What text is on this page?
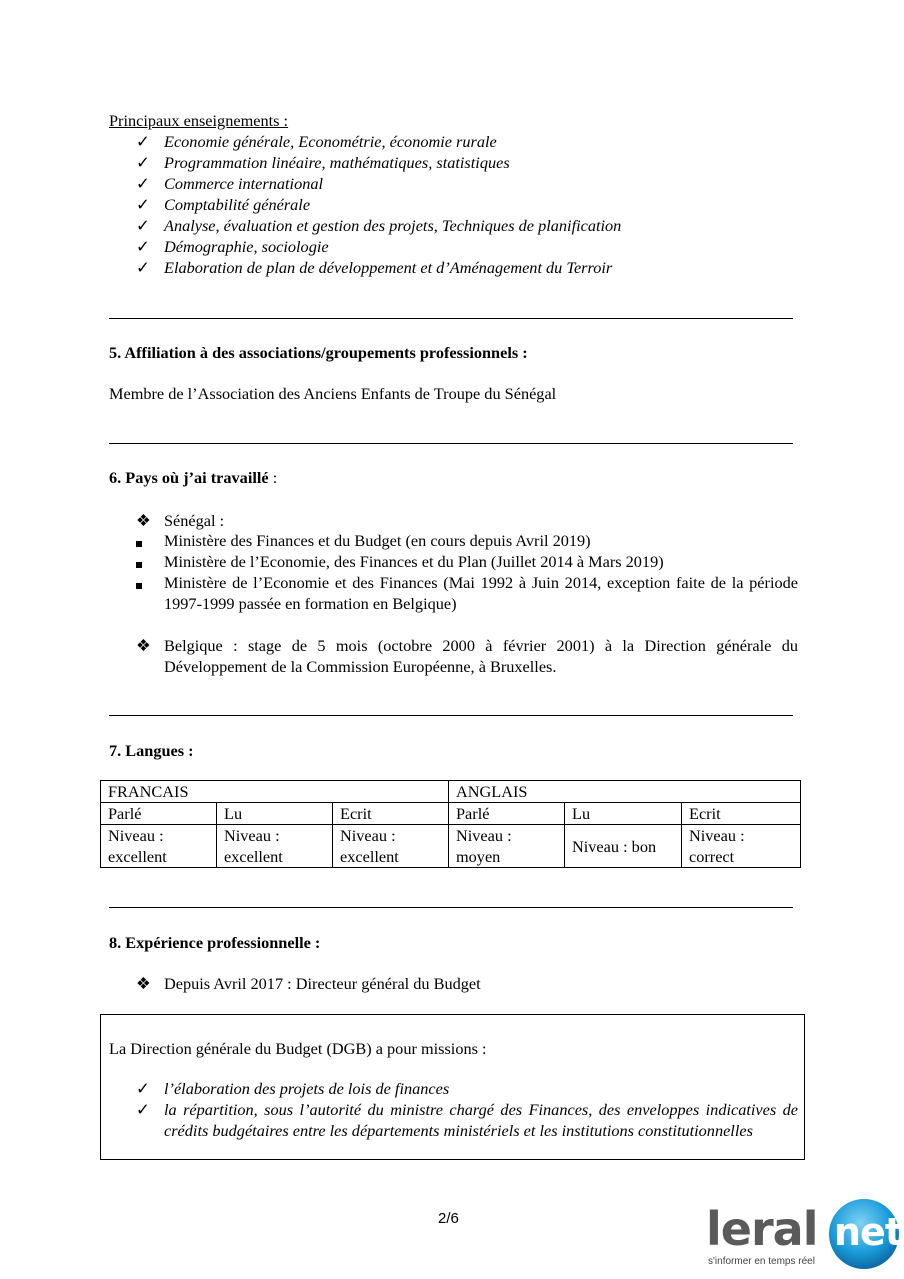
Principaux enseignements :
✓ Economie générale, Econométrie, économie rurale
✓ Programmation linéaire, mathématiques, statistiques
✓ Commerce international
✓ Comptabilité générale
✓ Analyse, évaluation et gestion des projets, Techniques de planification
✓ Démographie, sociologie
✓ Elaboration de plan de développement et d’Aménagement du Terroir
5. Affiliation à des associations/groupements professionnels :
Membre de l’Association des Anciens Enfants de Troupe du Sénégal
6. Pays où j’ai travaillé :
❖ Sénégal :
Ministère des Finances et du Budget (en cours depuis Avril 2019)
Ministère de l’Economie, des Finances et du Plan (Juillet 2014 à Mars 2019)
Ministère de l’Economie et des Finances (Mai 1992 à Juin 2014, exception faite de la période 1997-1999 passée en formation en Belgique)
❖ Belgique : stage de 5 mois (octobre 2000 à février 2001) à la Direction générale du Développement de la Commission Européenne, à Bruxelles.
7. Langues :
FRANCAIS			ANGLAIS		
Parlé	Lu	Ecrit	Parlé	Lu	Ecrit
Niveau : excellent	Niveau : excellent	Niveau : excellent	Niveau : moyen	Niveau : bon	Niveau : correct
8. Expérience professionnelle :
❖ Depuis Avril 2017 : Directeur général du Budget
La Direction générale du Budget (DGB) a pour missions :
✓ l’élaboration des projets de lois de finances
✓ la répartition, sous l’autorité du ministre chargé des Finances, des enveloppes indicatives de crédits budgétaires entre les départements ministériels et les institutions constitutionnelles
2/6	leral net
s'informer en temps réel
